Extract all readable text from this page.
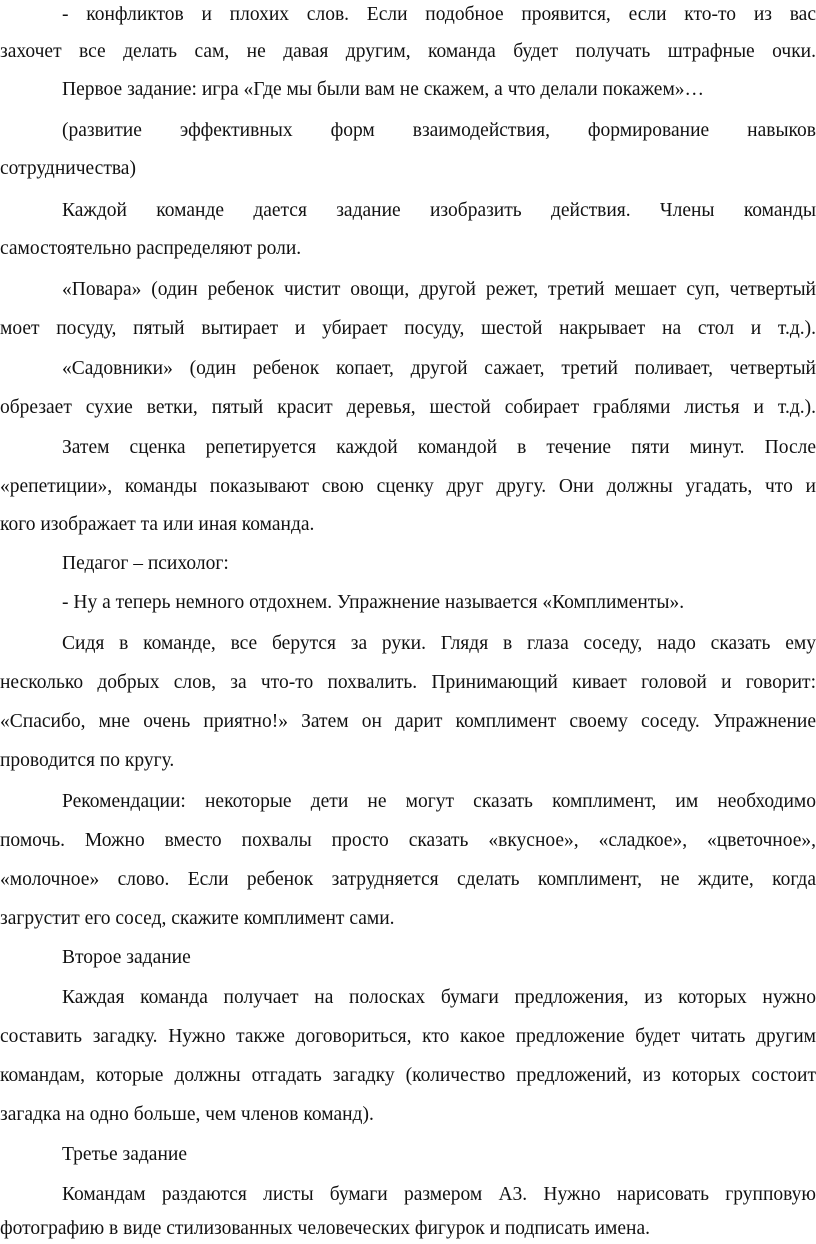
- конфликтов и плохих слов. Если подобное проявится, если кто-то из вас
захочет все делать сам, не давая другим, команда будет получать штрафные очки.
Первое задание: игра «Где мы были вам не скажем, а что делали покажем»…
(развитие эффективных форм взаимодействия, формирование навыков
сотрудничества)
Каждой команде дается задание изобразить действия. Члены команды
самостоятельно распределяют роли.
«Повара» (один ребенок чистит овощи, другой режет, третий мешает суп, четвертый
моет посуду, пятый вытирает и убирает посуду, шестой накрывает на стол и т.д.).
«Садовники» (один ребенок копает, другой сажает, третий поливает, четвертый
обрезает сухие ветки, пятый красит деревья, шестой собирает граблями листья и т.д.).
Затем сценка репетируется каждой командой в течение пяти минут. После
«репетиции», команды показывают свою сценку друг другу. Они должны угадать, что и
кого изображает та или иная команда.
Педагог – психолог:
- Ну а теперь немного отдохнем. Упражнение называется «Комплименты».
Сидя в команде, все берутся за руки. Глядя в глаза соседу, надо сказать ему
несколько добрых слов, за что-то похвалить. Принимающий кивает головой и говорит:
«Спасибо, мне очень приятно!» Затем он дарит комплимент своему соседу. Упражнение
проводится по кругу.
Рекомендации: некоторые дети не могут сказать комплимент, им необходимо
помочь. Можно вместо похвалы просто сказать «вкусное», «сладкое», «цветочное»,
«молочное» слово. Если ребенок затрудняется сделать комплимент, не ждите, когда
загрустит его сосед, скажите комплимент сами.
Второе задание
Каждая команда получает на полосках бумаги предложения, из которых нужно
составить загадку. Нужно также договориться, кто какое предложение будет читать другим
командам, которые должны отгадать загадку (количество предложений, из которых состоит
загадка на одно больше, чем членов команд).
Третье задание
Командам раздаются листы бумаги размером А3. Нужно нарисовать групповую
фотографию в виде стилизованных человеческих фигурок и подписать имена.
